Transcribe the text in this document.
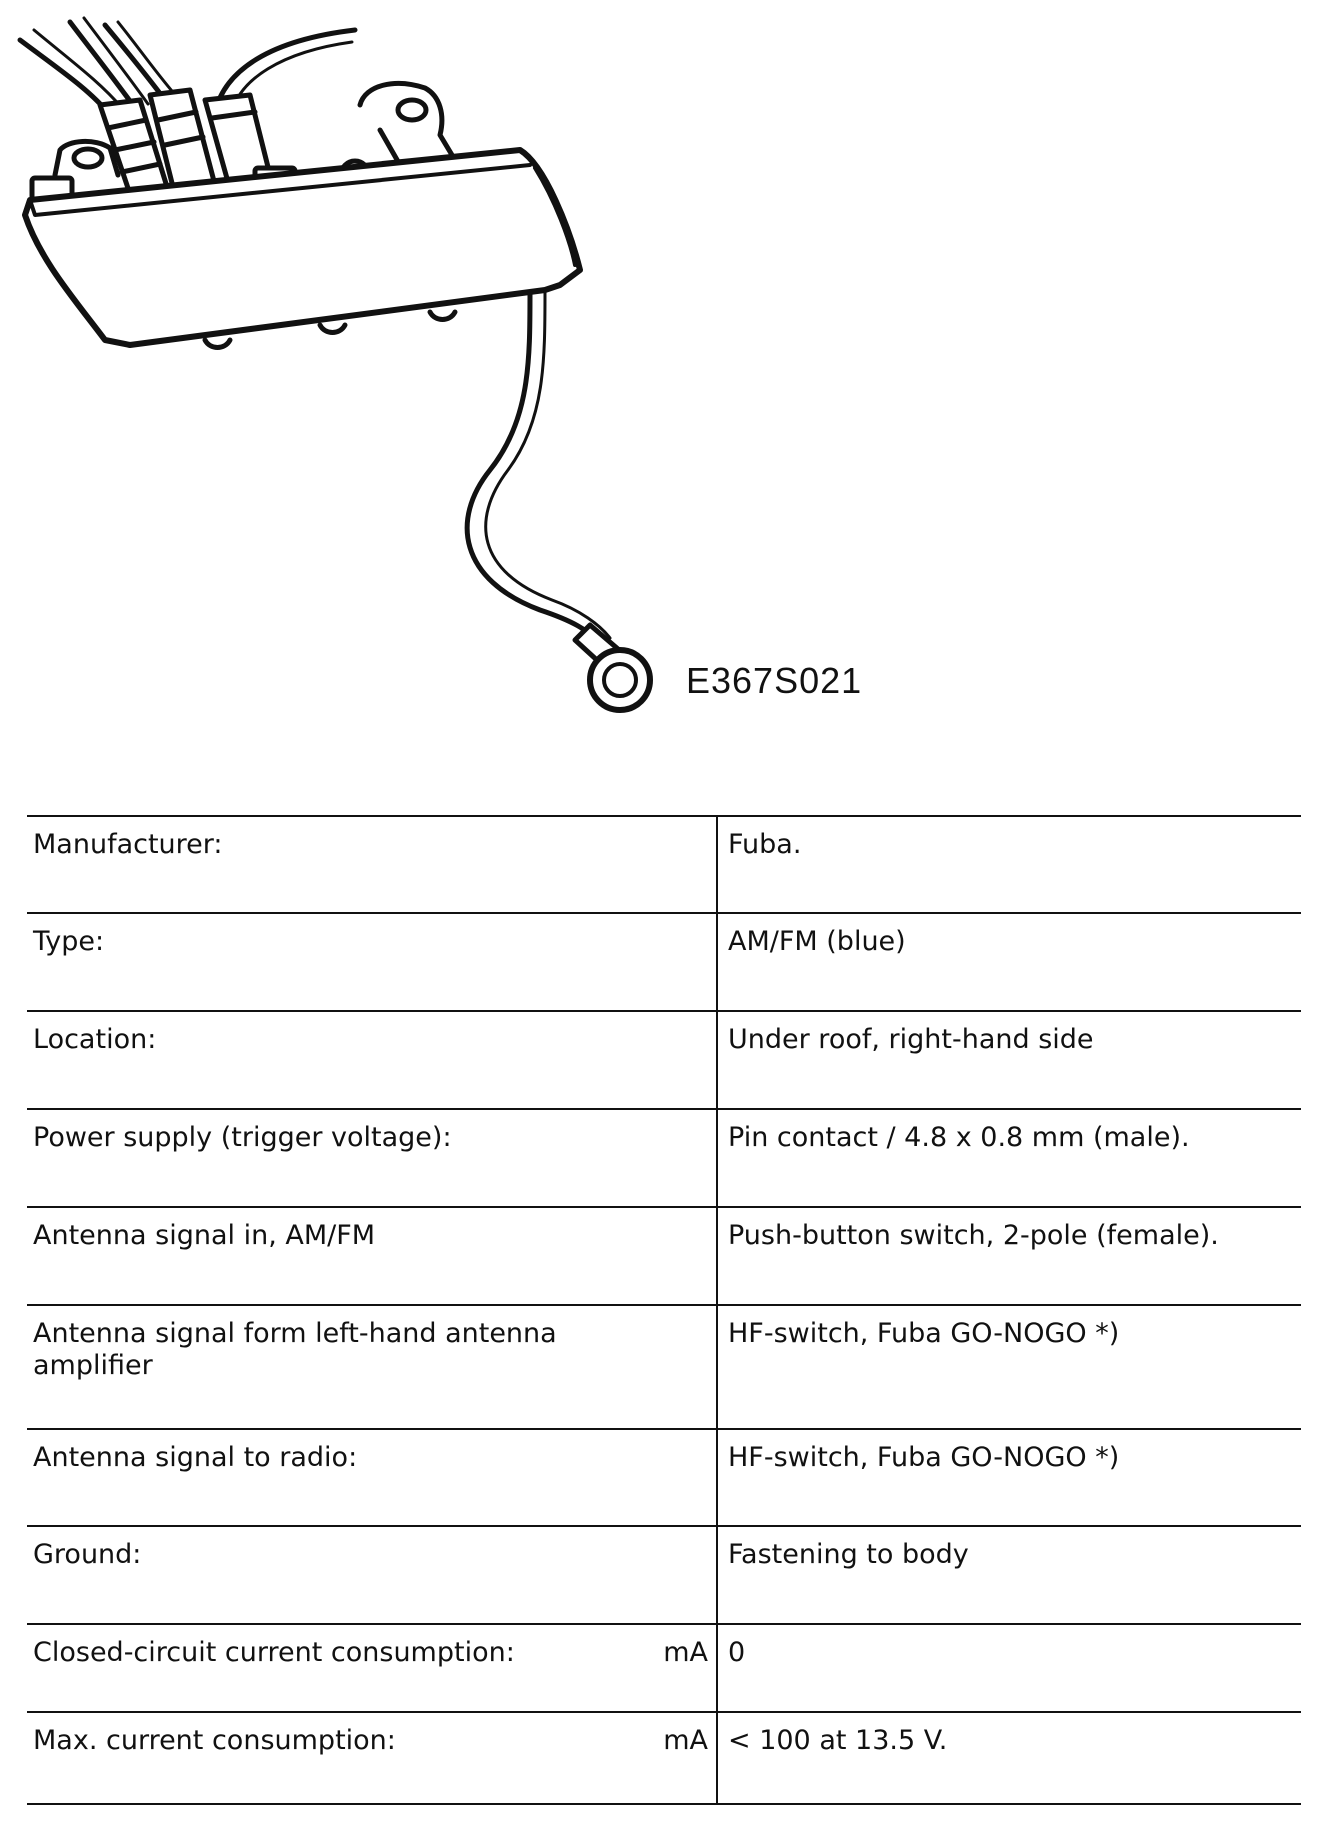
E367S021
Manufacturer:	Fuba.

Type:	AM/FM (blue)

Location:	Under roof, right-hand side

Power supply (trigger voltage):	Pin contact / 4.8 x 0.8 mm (male).

Antenna signal in, AM/FM	Push-button switch, 2-pole (female).

Antenna signal form left-hand antenna amplifier	HF-switch, Fuba GO-NOGO *)

Antenna signal to radio:	HF-switch, Fuba GO-NOGO *)

Ground:	Fastening to body

Closed-circuit current consumption: mA	0

Max. current consumption: mA	< 100 at 13.5 V.
